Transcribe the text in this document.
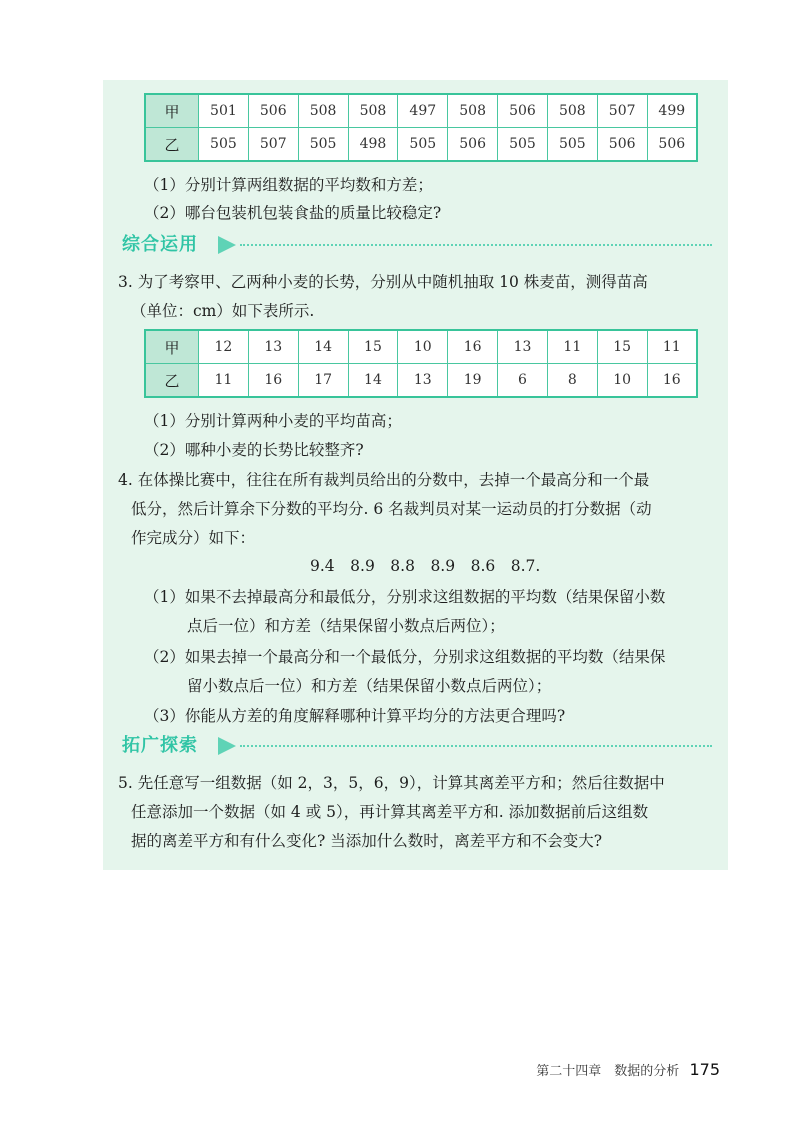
甲	501	506	508	508	497	508	506	508	507	499
乙	505	507	505	498	505	506	505	505	506	506
（1）分别计算两组数据的平均数和方差；
（2）哪台包装机包装食盐的质量比较稳定?
综合运用
3. 为了考察甲、乙两种小麦的长势，分别从中随机抽取 10 株麦苗，测得苗高
（单位：cm）如下表所示.
甲	12	13	14	15	10	16	13	11	15	11
乙	11	16	17	14	13	19	6	8	10	16
（1）分别计算两种小麦的平均苗高；
（2）哪种小麦的长势比较整齐?
4. 在体操比赛中，往往在所有裁判员给出的分数中，去掉一个最高分和一个最
低分，然后计算余下分数的平均分. 6 名裁判员对某一运动员的打分数据（动
作完成分）如下：
9.4　8.9　8.8　8.9　8.6　8.7.
（1）如果不去掉最高分和最低分，分别求这组数据的平均数（结果保留小数
点后一位）和方差（结果保留小数点后两位）；
（2）如果去掉一个最高分和一个最低分，分别求这组数据的平均数（结果保
留小数点后一位）和方差（结果保留小数点后两位）；
（3）你能从方差的角度解释哪种计算平均分的方法更合理吗?
拓广探索
5. 先任意写一组数据（如 2，3，5，6，9），计算其离差平方和；然后往数据中
任意添加一个数据（如 4 或 5），再计算其离差平方和. 添加数据前后这组数
据的离差平方和有什么变化? 当添加什么数时，离差平方和不会变大?
第二十四章　数据的分析 175
